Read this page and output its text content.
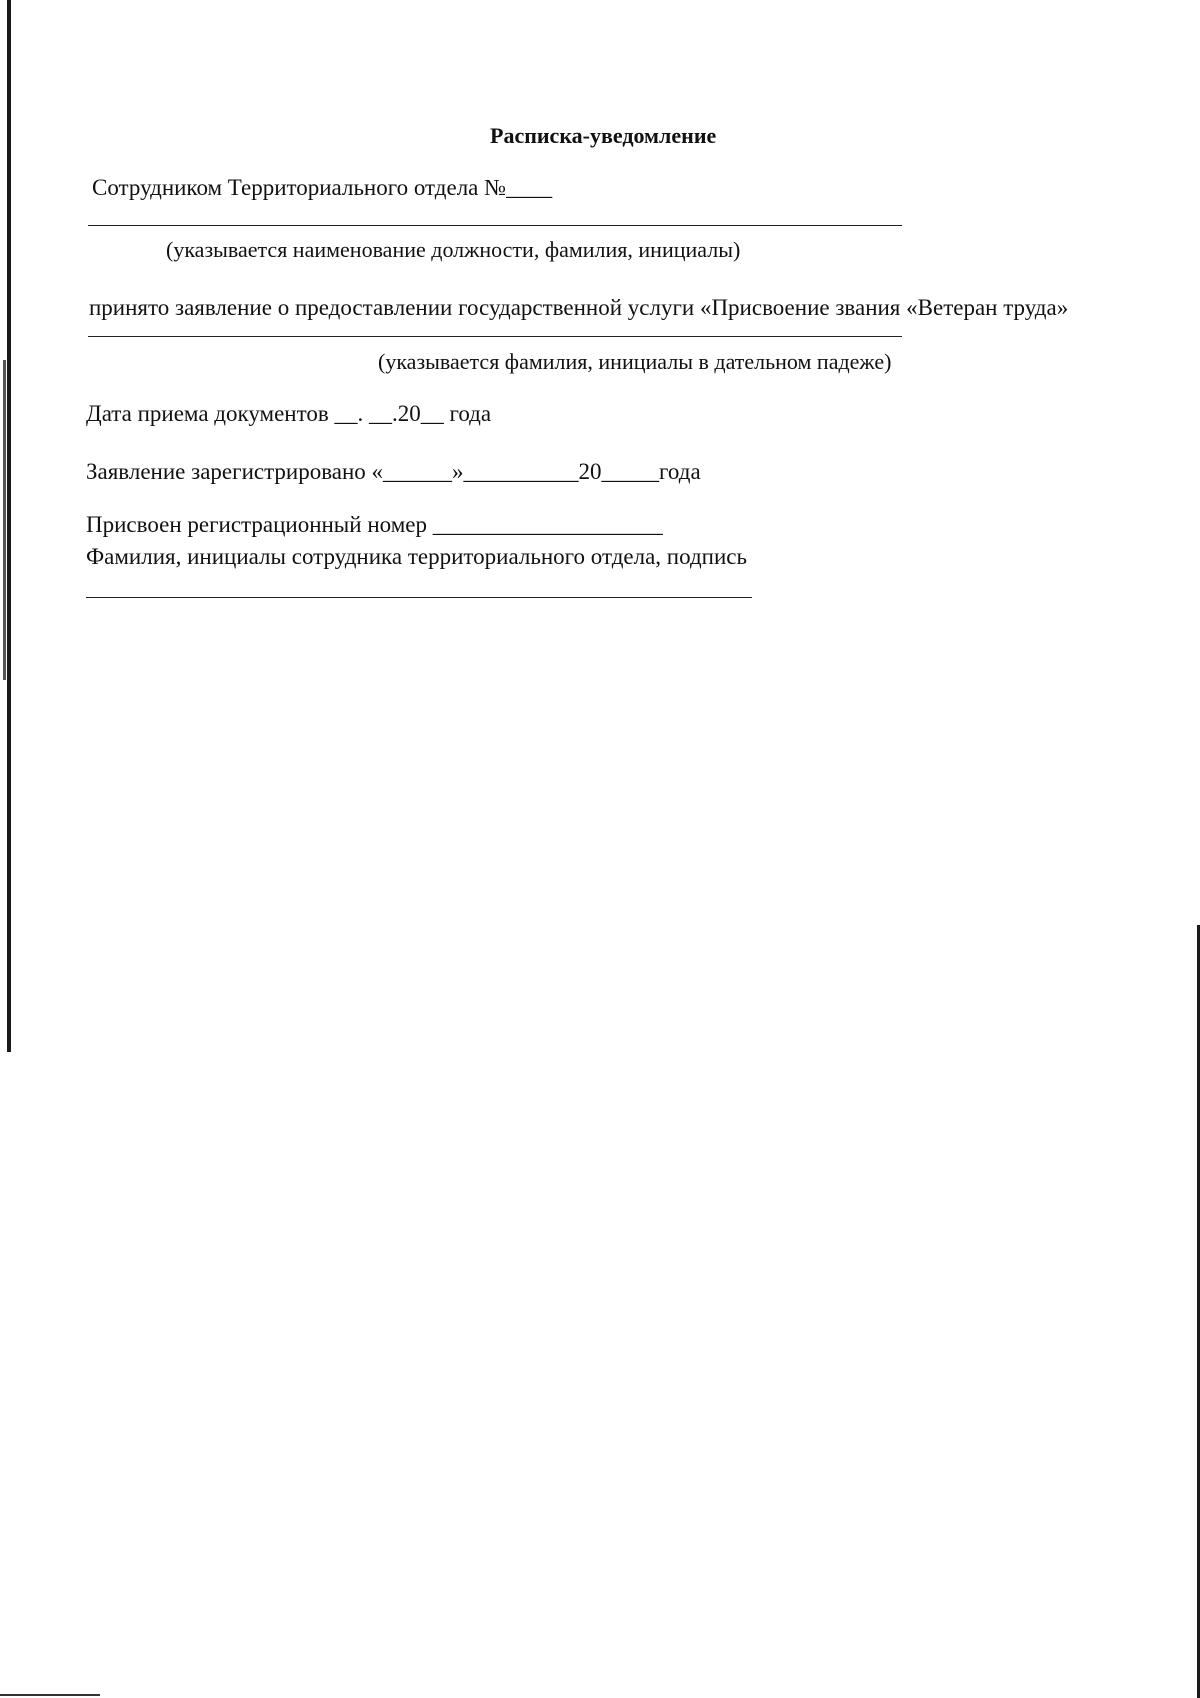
Расписка-уведомление
Сотрудником Территориального отдела №____
(указывается наименование должности, фамилия, инициалы)
принято заявление о предоставлении государственной услуги «Присвоение звания «Ветеран труда»
(указывается фамилия, инициалы в дательном падеже)
Дата приема документов __. __.20__ года
Заявление зарегистрировано «______»__________20_____года
Присвоен регистрационный номер ____________________
Фамилия, инициалы сотрудника территориального отдела, подпись
